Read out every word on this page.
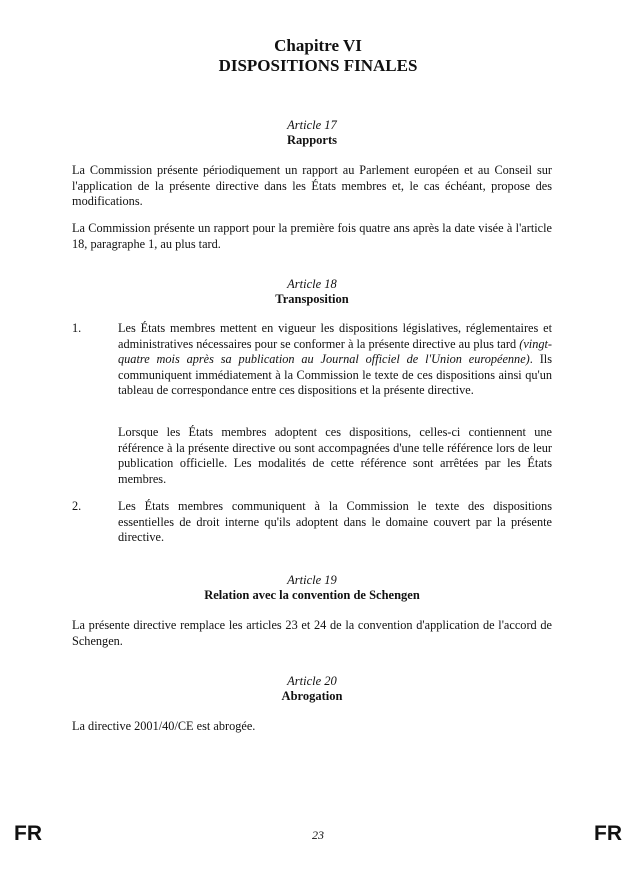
Chapitre VI
DISPOSITIONS FINALES
Article 17
Rapports
La Commission présente périodiquement un rapport au Parlement européen et au Conseil sur l'application de la présente directive dans les États membres et, le cas échéant, propose des modifications.
La Commission présente un rapport pour la première fois quatre ans après la date visée à l'article 18, paragraphe 1, au plus tard.
Article 18
Transposition
1.	Les États membres mettent en vigueur les dispositions législatives, réglementaires et administratives nécessaires pour se conformer à la présente directive au plus tard (vingt-quatre mois après sa publication au Journal officiel de l'Union européenne). Ils communiquent immédiatement à la Commission le texte de ces dispositions ainsi qu'un tableau de correspondance entre ces dispositions et la présente directive.
Lorsque les États membres adoptent ces dispositions, celles-ci contiennent une référence à la présente directive ou sont accompagnées d'une telle référence lors de leur publication officielle. Les modalités de cette référence sont arrêtées par les États membres.
2.	Les États membres communiquent à la Commission le texte des dispositions essentielles de droit interne qu'ils adoptent dans le domaine couvert par la présente directive.
Article 19
Relation avec la convention de Schengen
La présente directive remplace les articles 23 et 24 de la convention d'application de l'accord de Schengen.
Article 20
Abrogation
La directive 2001/40/CE est abrogée.
FR	23	FR
